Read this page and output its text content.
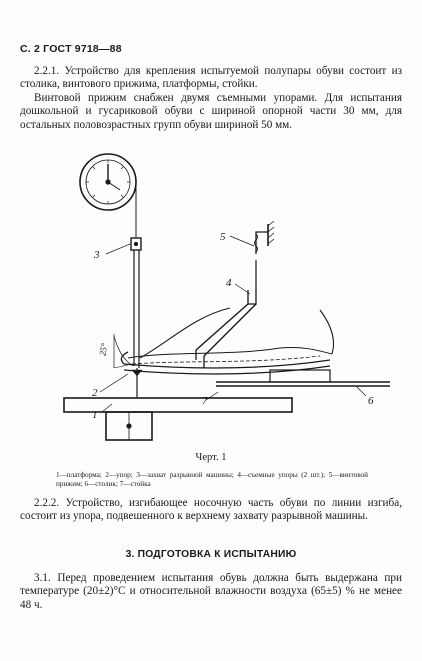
С. 2 ГОСТ 9718—88

2.2.1. Устройство для крепления испытуемой полупары обуви состоит из столика, винтового прижима, платформы, стойки.

Винтовой прижим снабжен двумя съемными упорами. Для испытания дошкольной и гусариковой обуви с шириной опорной части 30 мм, для остальных половозрастных групп обуви шириной 50 мм.

3
5
4
2
1
7	6
25°
Черт. 1
1—платформа; 2—упор; 3—захват разрывной машины; 4—съемные упоры (2 шт.); 5—винтовой прижим; 6—столик; 7—стойка

2.2.2. Устройство, изгибающее носочную часть обуви по линии изгиба, состоит из упора, подвешенного к верхнему захвату разрывной машины.

3. ПОДГОТОВКА К ИСПЫТАНИЮ

3.1. Перед проведением испытания обувь должна быть выдержана при температуре (20±2)°С и относительной влажности воздуха (65±5) % не менее 48 ч.
